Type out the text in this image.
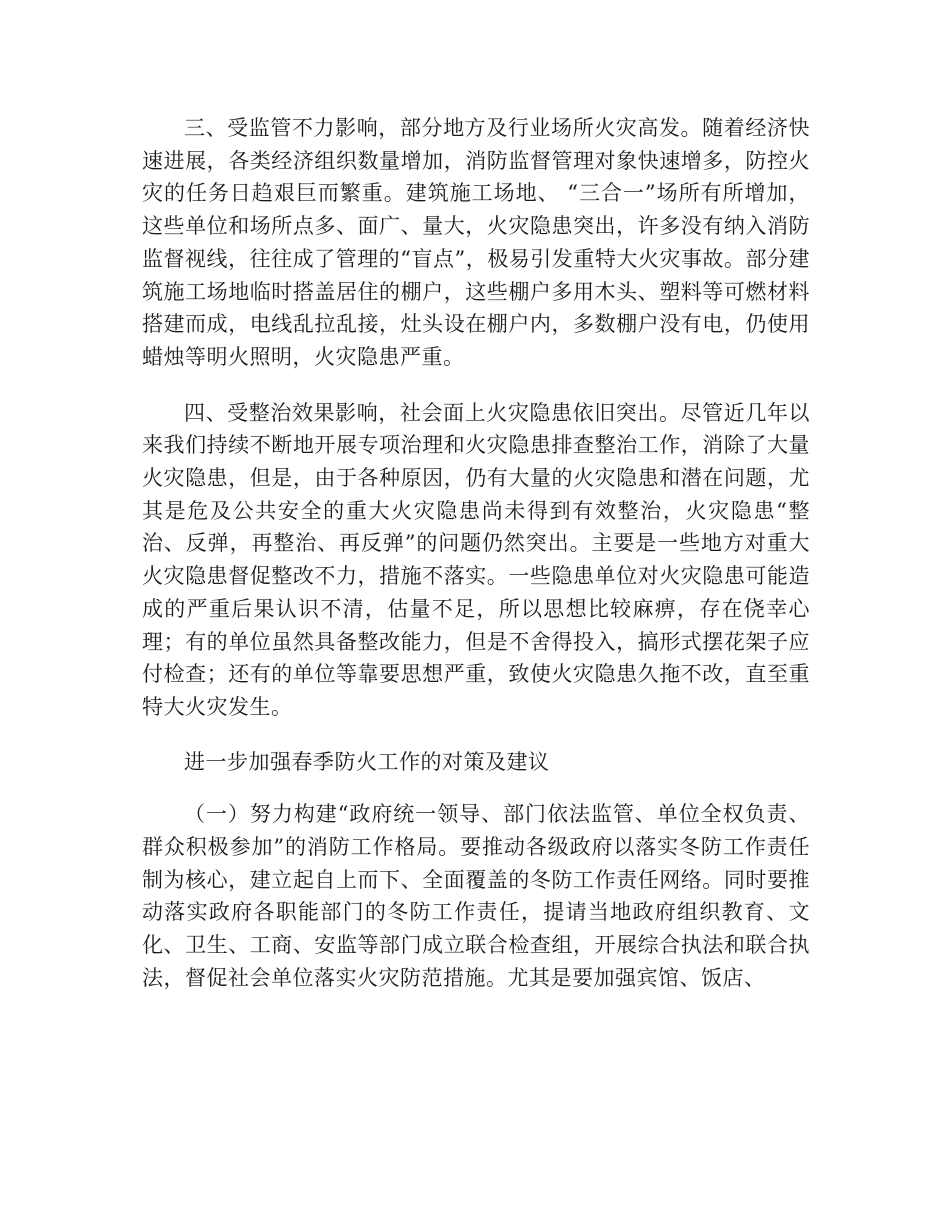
三、受监管不力影响，部分地方及行业场所火灾高发。随着经济快速进展，各类经济组织数量增加，消防监督管理对象快速增多，防控火灾的任务日趋艰巨而繁重。建筑施工场地、 “三合一”场所有所增加，这些单位和场所点多、面广、量大，火灾隐患突出，许多没有纳入消防监督视线，往往成了管理的“盲点”，极易引发重特大火灾事故。部分建筑施工场地临时搭盖居住的棚户，这些棚户多用木头、塑料等可燃材料搭建而成，电线乱拉乱接，灶头设在棚户内，多数棚户没有电，仍使用蜡烛等明火照明，火灾隐患严重。

四、受整治效果影响，社会面上火灾隐患依旧突出。尽管近几年以来我们持续不断地开展专项治理和火灾隐患排查整治工作，消除了大量火灾隐患，但是，由于各种原因，仍有大量的火灾隐患和潜在问题，尤其是危及公共安全的重大火灾隐患尚未得到有效整治，火灾隐患“整治、反弹，再整治、再反弹”的问题仍然突出。主要是一些地方对重大火灾隐患督促整改不力，措施不落实。一些隐患单位对火灾隐患可能造成的严重后果认识不清，估量不足，所以思想比较麻痹，存在侥幸心理；有的单位虽然具备整改能力，但是不舍得投入，搞形式摆花架子应付检查；还有的单位等靠要思想严重，致使火灾隐患久拖不改，直至重特大火灾发生。

进一步加强春季防火工作的对策及建议

（一）努力构建“政府统一领导、部门依法监管、单位全权负责、群众积极参加”的消防工作格局。要推动各级政府以落实冬防工作责任制为核心，建立起自上而下、全面覆盖的冬防工作责任网络。同时要推动落实政府各职能部门的冬防工作责任，提请当地政府组织教育、文化、卫生、工商、安监等部门成立联合检查组，开展综合执法和联合执法，督促社会单位落实火灾防范措施。尤其是要加强宾馆、饭店、
